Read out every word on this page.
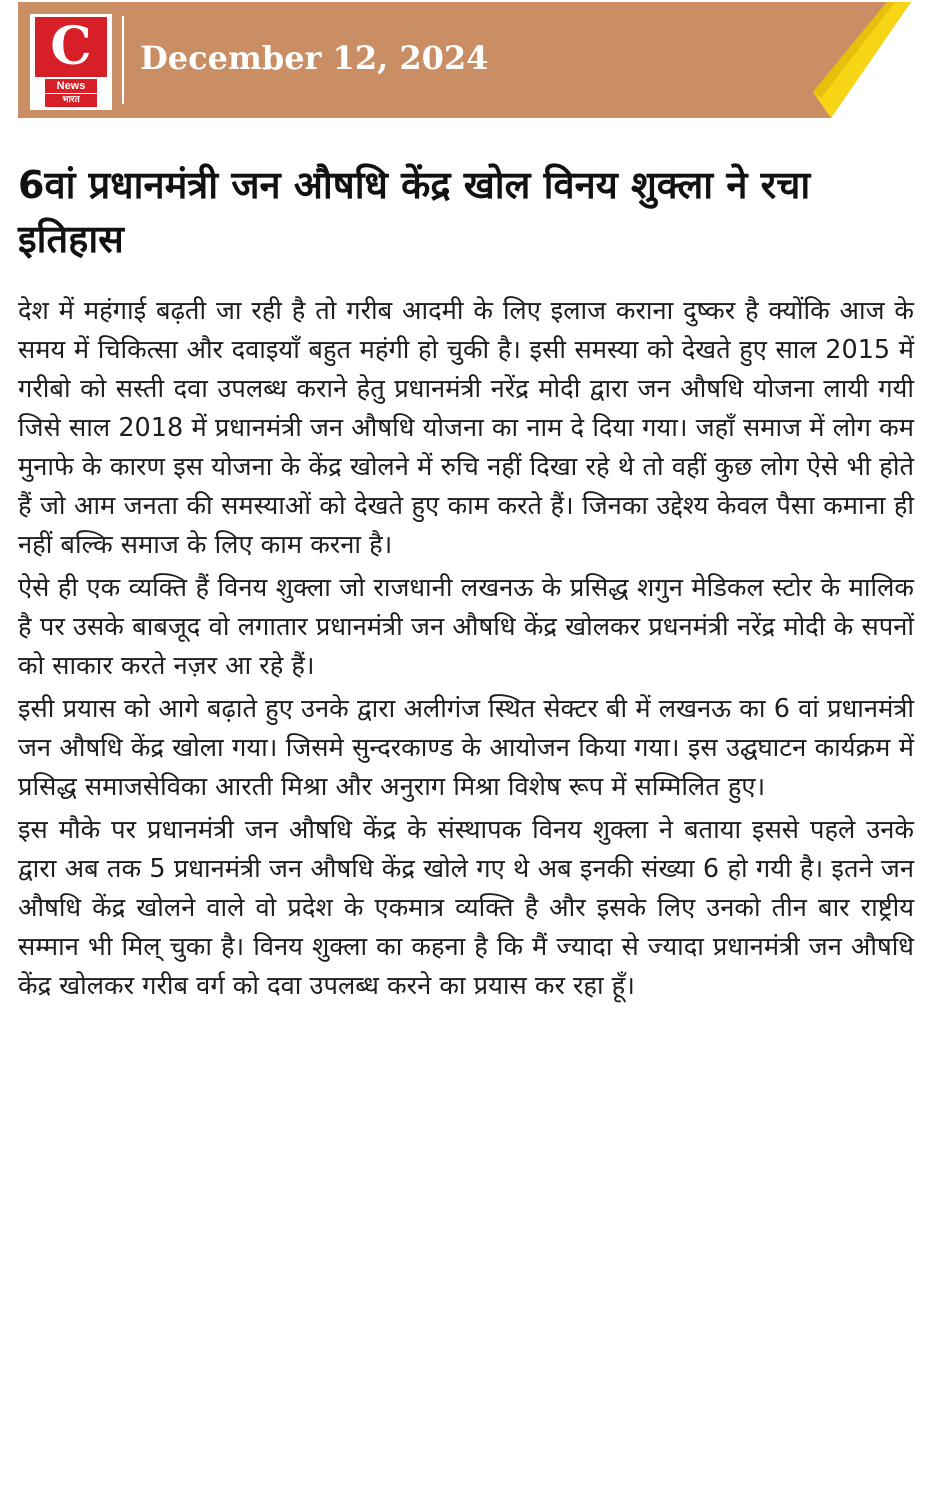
C
News
भारत
December 12, 2024
6वां प्रधानमंत्री जन औषधि केंद्र खोल विनय शुक्ला ने रचा इतिहास

देश में महंगाई बढ़ती जा रही है तो गरीब आदमी के लिए इलाज कराना दुष्कर है क्योंकि आज के समय में चिकित्सा और दवाइयाँ बहुत महंगी हो चुकी है। इसी समस्या को देखते हुए साल 2015 में गरीबो को सस्ती दवा उपलब्ध कराने हेतु प्रधानमंत्री नरेंद्र मोदी द्वारा जन औषधि योजना लायी गयी जिसे साल 2018 में प्रधानमंत्री जन औषधि योजना का नाम दे दिया गया। जहाँ समाज में लोग कम मुनाफे के कारण इस योजना के केंद्र खोलने में रुचि नहीं दिखा रहे थे तो वहीं कुछ लोग ऐसे भी होते हैं जो आम जनता की समस्याओं को देखते हुए काम करते हैं। जिनका उद्देश्य केवल पैसा कमाना ही नहीं बल्कि समाज के लिए काम करना है।

ऐसे ही एक व्यक्ति हैं विनय शुक्ला जो राजधानी लखनऊ के प्रसिद्ध शगुन मेडिकल स्टोर के मालिक है पर उसके बाबजूद वो लगातार प्रधानमंत्री जन औषधि केंद्र खोलकर प्रधनमंत्री नरेंद्र मोदी के सपनों को साकार करते नज़र आ रहे हैं।

इसी प्रयास को आगे बढ़ाते हुए उनके द्वारा अलीगंज स्थित सेक्टर बी में लखनऊ का 6 वां प्रधानमंत्री जन औषधि केंद्र खोला गया। जिसमे सुन्दरकाण्ड के आयोजन किया गया। इस उद्घघाटन कार्यक्रम में प्रसिद्ध समाजसेविका आरती मिश्रा और अनुराग मिश्रा विशेष रूप में सम्मिलित हुए।

इस मौके पर प्रधानमंत्री जन औषधि केंद्र के संस्थापक विनय शुक्ला ने बताया इससे पहले उनके द्वारा अब तक 5 प्रधानमंत्री जन औषधि केंद्र खोले गए थे अब इनकी संख्या 6 हो गयी है। इतने जन औषधि केंद्र खोलने वाले वो प्रदेश के एकमात्र व्यक्ति है और इसके लिए उनको तीन बार राष्ट्रीय सम्मान भी मिल् चुका है। विनय शुक्ला का कहना है कि मैं ज्यादा से ज्यादा प्रधानमंत्री जन औषधि केंद्र खोलकर गरीब वर्ग को दवा उपलब्ध करने का प्रयास कर रहा हूँ।
